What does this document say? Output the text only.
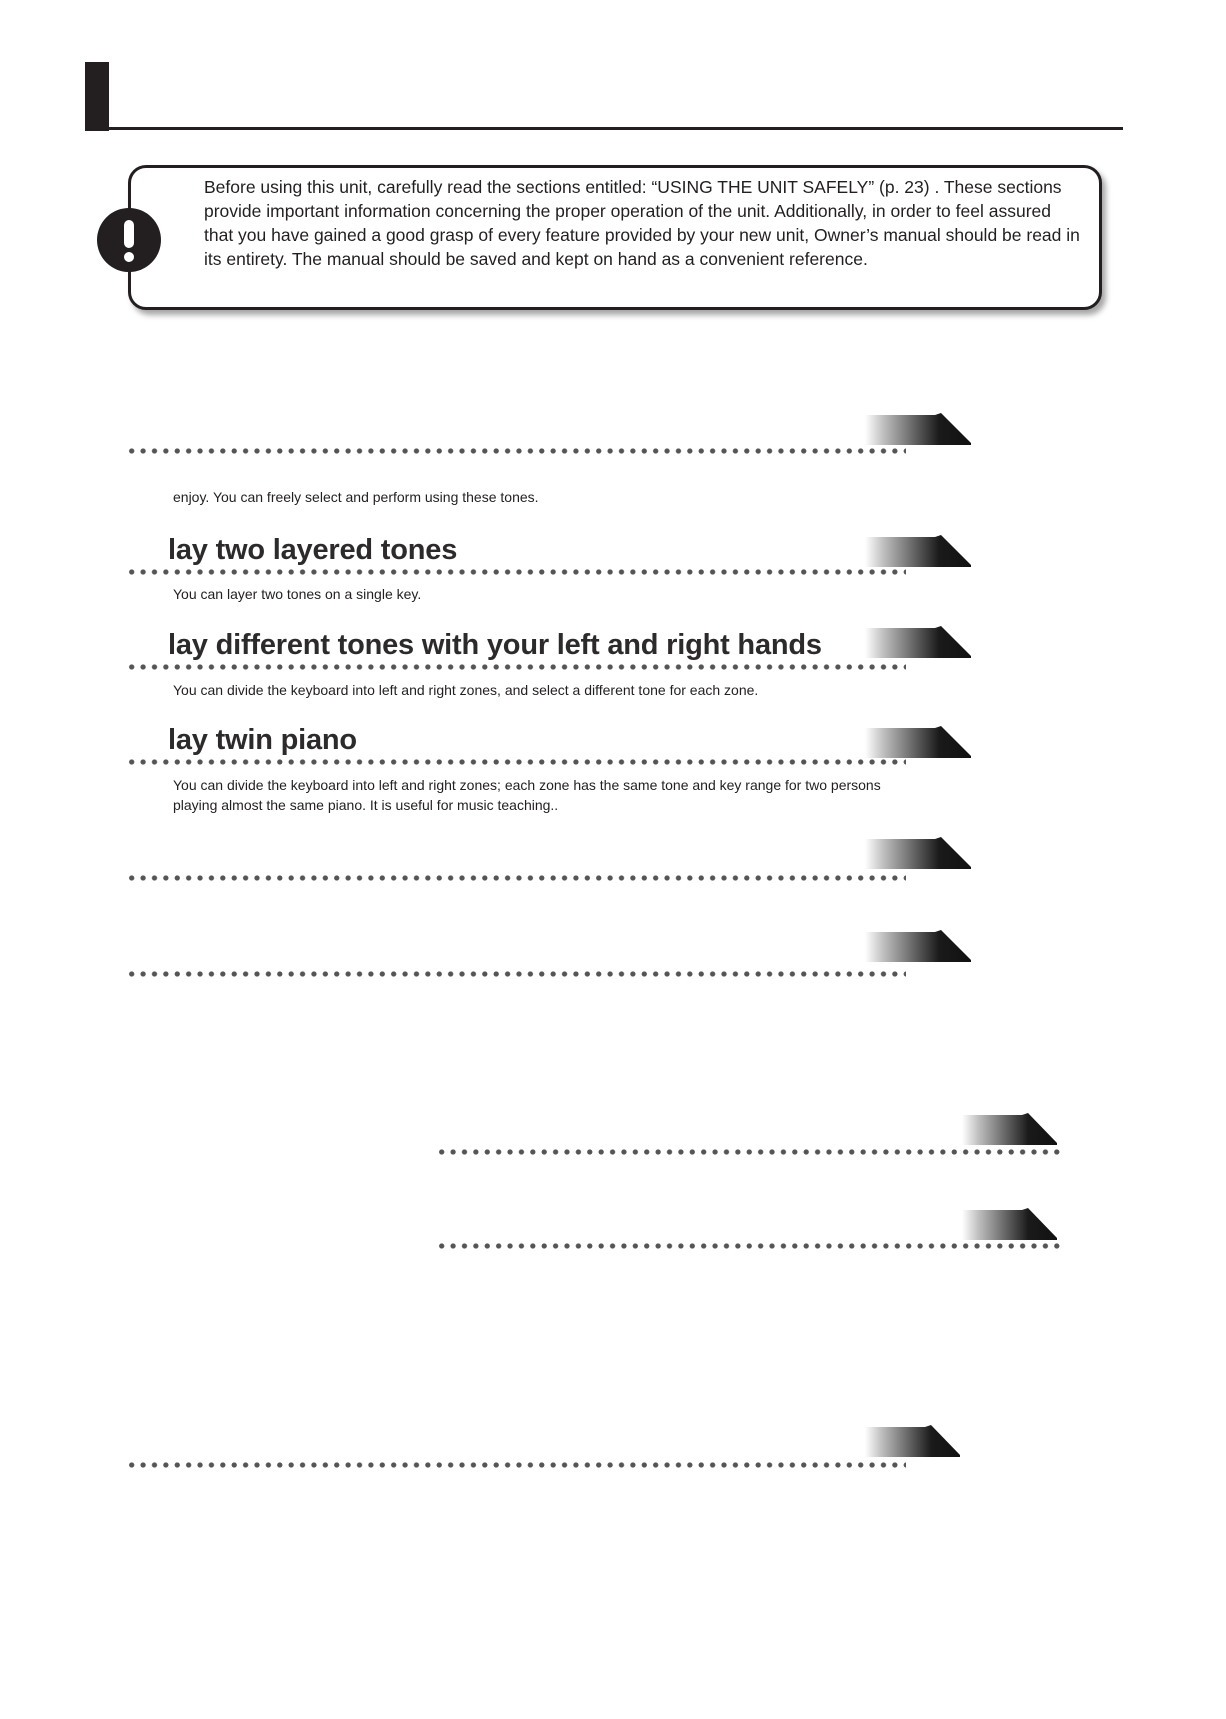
Before using this unit, carefully read the sections entitled: “USING THE UNIT SAFELY” (p. 23) . These sections provide important information concerning the proper operation of the unit. Additionally, in order to feel assured that you have gained a good grasp of every feature provided by your new unit, Owner’s manual should be read in its entirety. The manual should be saved and kept on hand as a convenient reference.
enjoy. You can freely select and perform using these tones.
lay two layered tones
You can layer two tones on a single key.
lay different tones with your left and right hands
You can divide the keyboard into left and right zones, and select a different tone for each zone.
lay twin piano
You can divide the keyboard into left and right zones; each zone has the same tone and key range for two persons playing almost the same piano. It is useful for music teaching..
